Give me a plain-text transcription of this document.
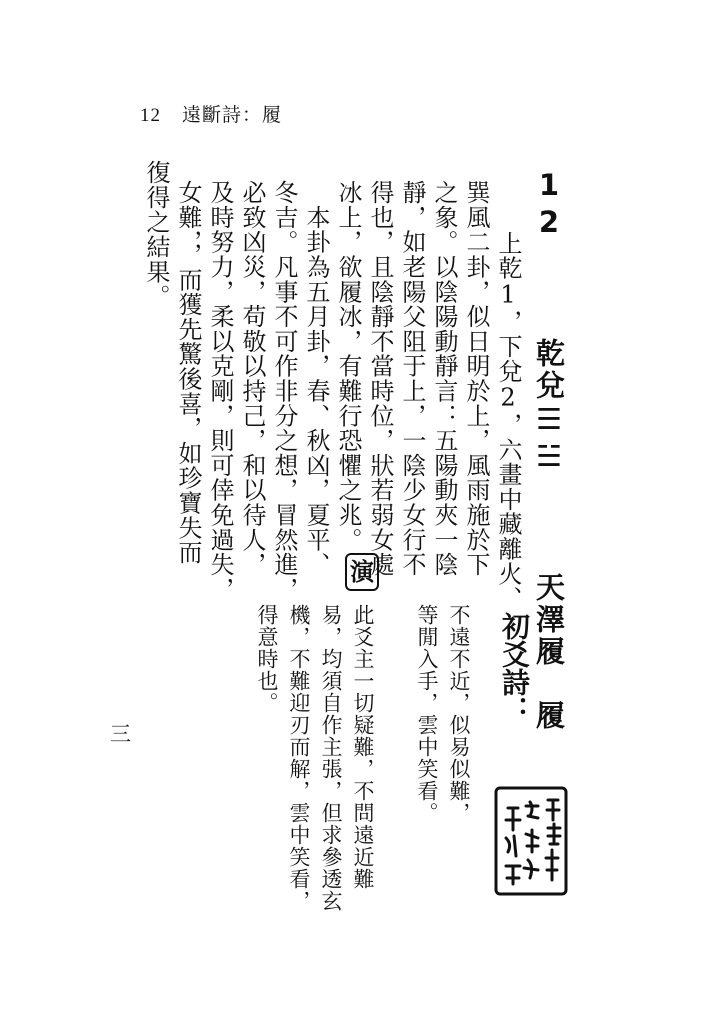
12 遠斷詩：履
12  乾兌☰☱  天澤履　履
　上乾1，下兌2，六畫中藏離火、
巽風二卦，似日明於上，風雨施於下
之象。以陰陽動靜言：五陽動夾一陰
靜，如老陽父阻于上，一陰少女行不
得也，且陰靜不當時位，狀若弱女處
冰上，欲履冰，有難行恐懼之兆。
　本卦為五月卦，春、秋凶，夏平、
冬吉。凡事不可作非分之想，冒然進，
必致凶災，苟敬以持己，和以待人，
及時努力，柔以克剛，則可倖免過失，
女難，，而獲先驚後喜，如珍寶失而
復得之結果。
初爻詩：
不遠不近，似易似難，
等閒入手，雲中笑看。
演
此爻主一切疑難，不問遠近難
易，均須自作主張，但求參透玄
機，不難迎刃而解，雲中笑看，
得意時也。
三
